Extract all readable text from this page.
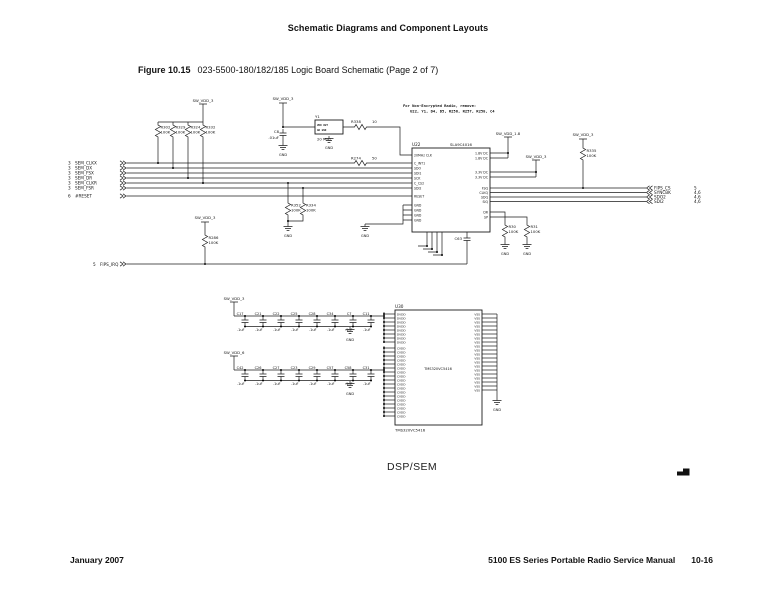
Schematic Diagrams and Component Layouts
Figure 10.15 023-5500-180/182/185 Logic Board Schematic (Page 2 of 7)
SW_VDD_3	SW_VDD_3
GND
C8
.01uF
Y1
VDD OUT
GD GND
20 MHz
GND
R338	10
For Non-Encrypted Radio, remove:
U22, Y1, D4, D5, R256, R257, R258, C4
U22	SLA9C4016
R274	50
GND
SW_VDD_1.8
SW_VDD_3
SW_VDD_3
R335
100K
GND	GND
R30
100K
R31
100K
GND
R352
100K
R334
100K
SW_VDD_3
R286
100K
5 FIPS_IRQ
C63
SW_VDD_3
GND
SW_VDD_6
GND
U30
TMS320VC5416
TMS320VC5416
GND
3 SEM_CLKX
3 SEM_DX
3 SEM_FSX
3 SEM_DR
3 SEM_CLKR
3 SEM_FSR
6 #RESET
R302
100K
R329
100K
R324
100K
R332
100K
20MHz CLK
C_INT1
SDO
SDI1
SCK
C_CS2
SDI2
RESET
GND
GND
GND
GND
1.8V DC
1.8V DC
3.3V DC
3.3V DC
FSQ
CLKQ
SDQ
SIQ
DR
SP
FIPS_CS	5
SYNCBK	4,6
SDO2	4,6
SDI2	4,6
C17
.1uF
C21
.1uF
C22
.1uF
C25
.1uF
C28
.1uF
C34
.1uF
C7
.1uF
C11
.1uF
C42
.1uF
C26
.1uF
C27
.1uF
C23
.1uF
C29
.1uF
C57
.1uF
C58
.1uF
C31
.1uF
DVDD
DVDD
DVDD
DVDD
DVDD
DVDD
DVDD
DVDD
CVDD
CVDD
CVDD
CVDD
CVDD
CVDD
CVDD
CVDD
CVDD
CVDD
CVDD
CVDD
CVDD
CVDD
CVDD
CVDD
CVDD
CVDD
VSS
VSS
VSS
VSS
VSS
VSS
VSS
VSS
VSS
VSS
VSS
VSS
VSS
VSS
VSS
VSS
VSS
VSS
VSS
VSS
DSP/SEM
January 2007	5100 ES Series Portable Radio Service Manual 10-16
